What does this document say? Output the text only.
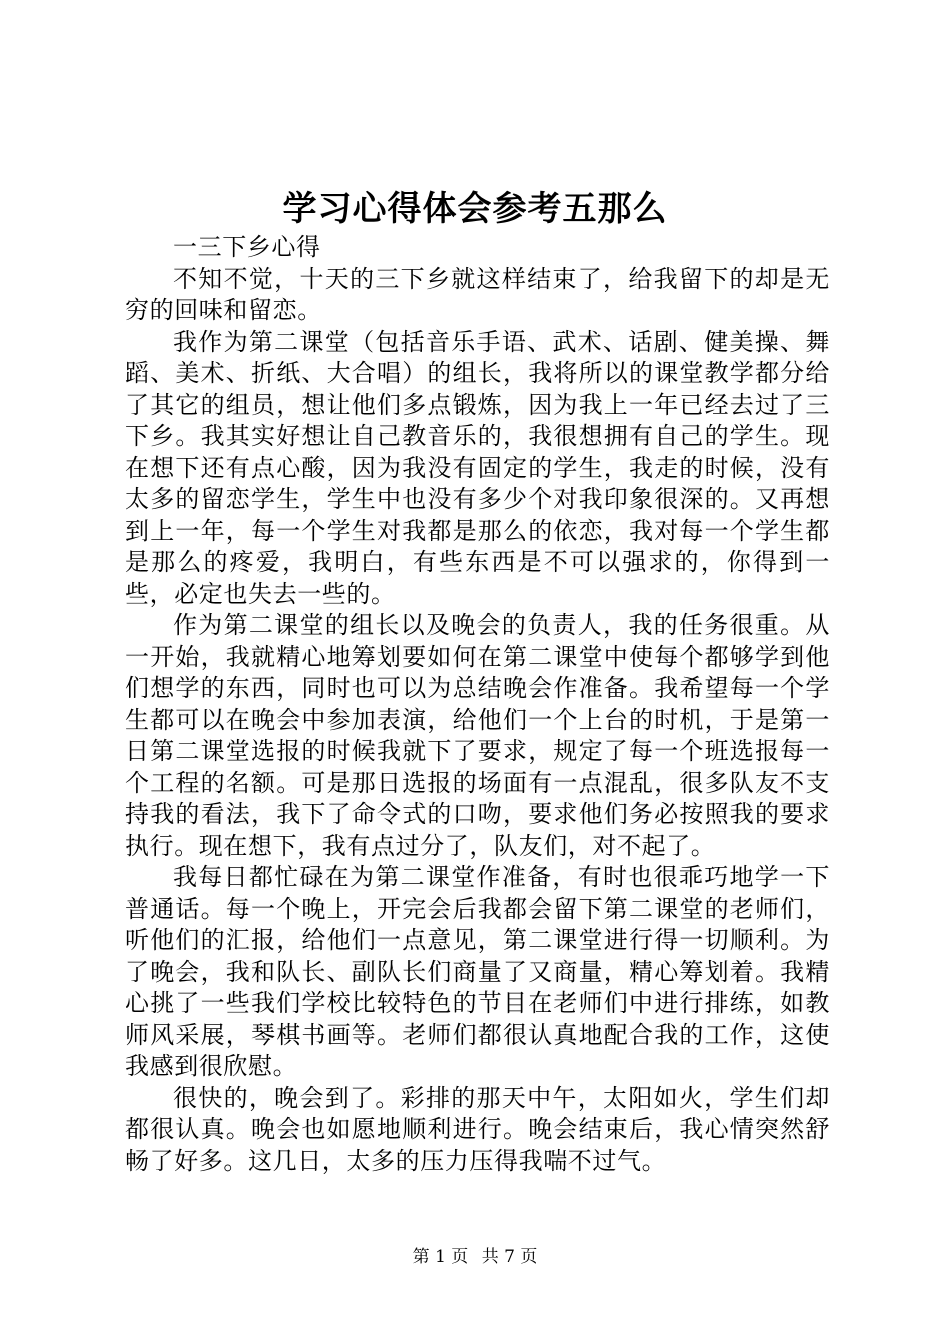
学习心得体会参考五那么

一三下乡心得

不知不觉，十天的三下乡就这样结束了，给我留下的却是无穷的回味和留恋。

我作为第二课堂（包括音乐手语、武术、话剧、健美操、舞蹈、美术、折纸、大合唱）的组长，我将所以的课堂教学都分给了其它的组员，想让他们多点锻炼，因为我上一年已经去过了三下乡。我其实好想让自己教音乐的，我很想拥有自己的学生。现在想下还有点心酸，因为我没有固定的学生，我走的时候，没有太多的留恋学生，学生中也没有多少个对我印象很深的。又再想到上一年，每一个学生对我都是那么的依恋，我对每一个学生都是那么的疼爱，我明白，有些东西是不可以强求的，你得到一些，必定也失去一些的。

作为第二课堂的组长以及晚会的负责人，我的任务很重。从一开始，我就精心地筹划要如何在第二课堂中使每个都够学到他们想学的东西，同时也可以为总结晚会作准备。我希望每一个学生都可以在晚会中参加表演，给他们一个上台的时机，于是第一日第二课堂选报的时候我就下了要求，规定了每一个班选报每一个工程的名额。可是那日选报的场面有一点混乱，很多队友不支持我的看法，我下了命令式的口吻，要求他们务必按照我的要求执行。现在想下，我有点过分了，队友们，对不起了。

我每日都忙碌在为第二课堂作准备，有时也很乖巧地学一下普通话。每一个晚上，开完会后我都会留下第二课堂的老师们，听他们的汇报，给他们一点意见，第二课堂进行得一切顺利。为了晚会，我和队长、副队长们商量了又商量，精心筹划着。我精心挑了一些我们学校比较特色的节目在老师们中进行排练，如教师风采展，琴棋书画等。老师们都很认真地配合我的工作，这使我感到很欣慰。

很快的，晚会到了。彩排的那天中午，太阳如火，学生们却都很认真。晚会也如愿地顺利进行。晚会结束后，我心情突然舒畅了好多。这几日，太多的压力压得我喘不过气。

第 1 页 共 7 页
